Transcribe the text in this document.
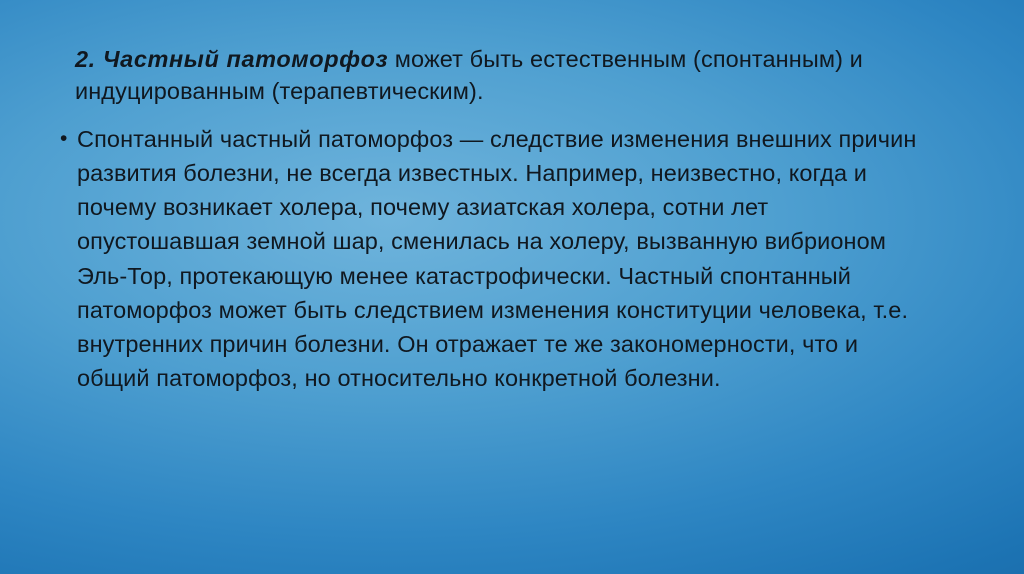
2. Частный патоморфоз может быть естественным (спонтанным) и индуцированным (терапевтическим).

• Спонтанный частный патоморфоз — следствие изменения внешних причин развития болезни, не всегда известных. Например, неизвестно, когда и почему возникает холера, почему азиатская холера, сотни лет опустошавшая земной шар, сменилась на холеру, вызванную вибрионом Эль-Тор, протекающую менее катастрофически. Частный спонтанный патоморфоз может быть следствием изменения конституции человека, т.е. внутренних причин болезни. Он отражает те же закономерности, что и общий патоморфоз, но относительно конкретной болезни.
